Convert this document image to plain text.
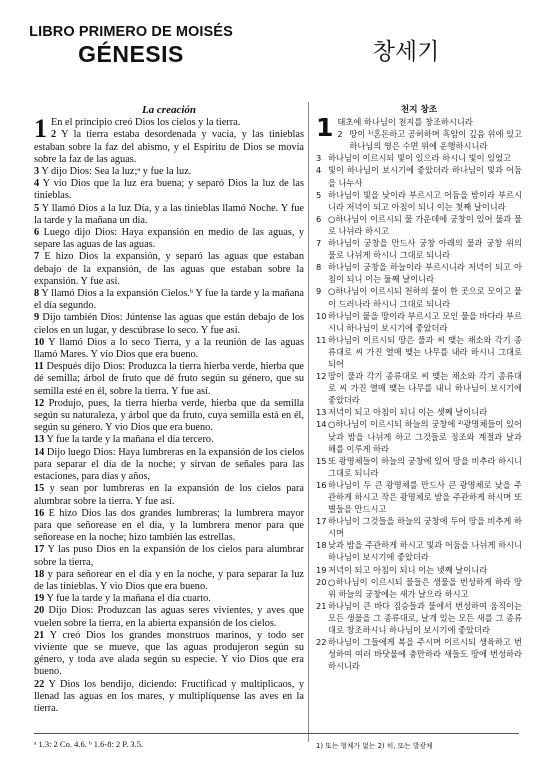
LIBRO PRIMERO DE MOISÉS
GÉNESIS	창세기
La creación
1 En el principio creó Dios los cielos y la tierra.
2 Y la tierra estaba desordenada y vacía, y las tinieblas estaban sobre la faz del abismo, y el Espíritu de Dios se movía sobre la faz de las aguas.
3 Y dijo Dios: Sea la luz;ᵃ y fue la luz.
4 Y vio Dios que la luz era buena; y separó Dios la luz de las tinieblas.
5 Y llamó Dios a la luz Día, y a las tinieblas llamó Noche. Y fue la tarde y la mañana un día.
6 Luego dijo Dios: Haya expansión en medio de las aguas, y separe las aguas de las aguas.
7 E hizo Dios la expansión, y separó las aguas que estaban debajo de la expansión, de las aguas que estaban sobre la expansión. Y fue así.
8 Y llamó Dios a la expansión Cielos.ᵇ Y fue la tarde y la mañana el día segundo.
9 Dijo también Dios: Júntense las aguas que están debajo de los cielos en un lugar, y descúbrase lo seco. Y fue así.
10 Y llamó Dios a lo seco Tierra, y a la reunión de las aguas llamó Mares. Y vio Dios que era bueno.
11 Después dijo Dios: Produzca la tierra hierba verde, hierba que dé semilla; árbol de fruto que dé fruto según su género, que su semilla esté en él, sobre la tierra. Y fue así.
12 Produjo, pues, la tierra hierba verde, hierba que da semilla según su naturaleza, y árbol que da fruto, cuya semilla está en él, según su género. Y vio Dios que era bueno.
13 Y fue la tarde y la mañana el día tercero.
14 Dijo luego Dios: Haya lumbreras en la expansión de los cielos para separar el día de la noche; y sirvan de señales para las estaciones, para días y años,
15 y sean por lumbreras en la expansión de los cielos para alumbrar sobre la tierra. Y fue así.
16 E hizo Dios las dos grandes lumbreras; la lumbrera mayor para que señorease en el día, y la lumbrera menor para que señorease en la noche; hizo también las estrellas.
17 Y las puso Dios en la expansión de los cielos para alumbrar sobre la tierra,
18 y para señorear en el día y en la noche, y para separar la luz de las tinieblas. Y vio Dios que era bueno.
19 Y fue la tarde y la mañana el día cuarto.
20 Dijo Dios: Produzcan las aguas seres vivientes, y aves que vuelen sobre la tierra, en la abierta expansión de los cielos.
21 Y creó Dios los grandes monstruos marinos, y todo ser viviente que se mueve, que las aguas produjeron según su género, y toda ave alada según su especie. Y vio Dios que era bueno.
22 Y Dios los bendijo, diciendo: Fructificad y multiplicaos, y llenad las aguas en los mares, y multiplíquense las aves en la tierra.
천지 창조
1 태초에 하나님이 천지를 창조하시니라
2 땅이 ¹⁾혼돈하고 공허하며 흑암이 깊음 위에 있고 하나님의 영은 수면 위에 운행하시니라
3 하나님이 이르시되 빛이 있으라 하시니 빛이 있었고
4 빛이 하나님이 보시기에 좋았더라 하나님이 빛과 어둠을 나누사
5 하나님이 빛을 낮이라 부르시고 어둠을 밤이라 부르시니라 저녁이 되고 아침이 되니 이는 첫째 날이니라
6 ○하나님이 이르시되 물 가운데에 궁창이 있어 물과 물로 나뉘라 하시고
7 하나님이 궁창을 만드사 궁창 아래의 물과 궁창 위의 물로 나뉘게 하시니 그대로 되니라
8 하나님이 궁창을 하늘이라 부르시니라 저녁이 되고 아침이 되니 이는 둘째 날이니라
9 ○하나님이 이르시되 천하의 물이 한 곳으로 모이고 뭍이 드러나라 하시니 그대로 되니라
10 하나님이 뭍을 땅이라 부르시고 모인 물을 바다라 부르시니 하나님이 보시기에 좋았더라
11 하나님이 이르시되 땅은 풀과 씨 맺는 채소와 각기 종류대로 씨 가진 열매 맺는 나무를 내라 하시니 그대로 되어
12 땅이 풀과 각기 종류대로 씨 맺는 채소와 각기 종류대로 씨 가진 열매 맺는 나무를 내니 하나님이 보시기에 좋았더라
13 저녁이 되고 아침이 되니 이는 셋째 날이니라
14 ○하나님이 이르시되 하늘의 궁창에 ²⁾광명체들이 있어 낮과 밤을 나뉘게 하고 그것들로 징조와 계절과 날과 해를 이루게 하라
15 또 광명체들이 하늘의 궁창에 있어 땅을 비추라 하시니 그대로 되니라
16 하나님이 두 큰 광명체를 만드사 큰 광명체로 낮을 주관하게 하시고 작은 광명체로 밤을 주관하게 하시며 또 별들을 만드시고
17 하나님이 그것들을 하늘의 궁창에 두어 땅을 비추게 하시며
18 낮과 밤을 주관하게 하시고 빛과 어둠을 나뉘게 하시니 하나님이 보시기에 좋았더라
19 저녁이 되고 아침이 되니 이는 넷째 날이니라
20 ○하나님이 이르시되 물들은 생물을 번성하게 하라 땅 위 하늘의 궁창에는 새가 날으라 하시고
21 하나님이 큰 바다 짐승들과 물에서 번성하여 움직이는 모든 생물을 그 종류대로, 날개 있는 모든 새를 그 종류대로 창조하시니 하나님이 보시기에 좋았더라
22 하나님이 그들에게 복을 주시며 이르시되 생육하고 번성하여 여러 바닷물에 충만하라 새들도 땅에 번성하라 하시니라
ᵃ 1.3: 2 Co. 4.6. ᵇ 1.6-8: 2 P. 3.5.	1) 또는 형체가 없는 2) 히, 또는 발광체
